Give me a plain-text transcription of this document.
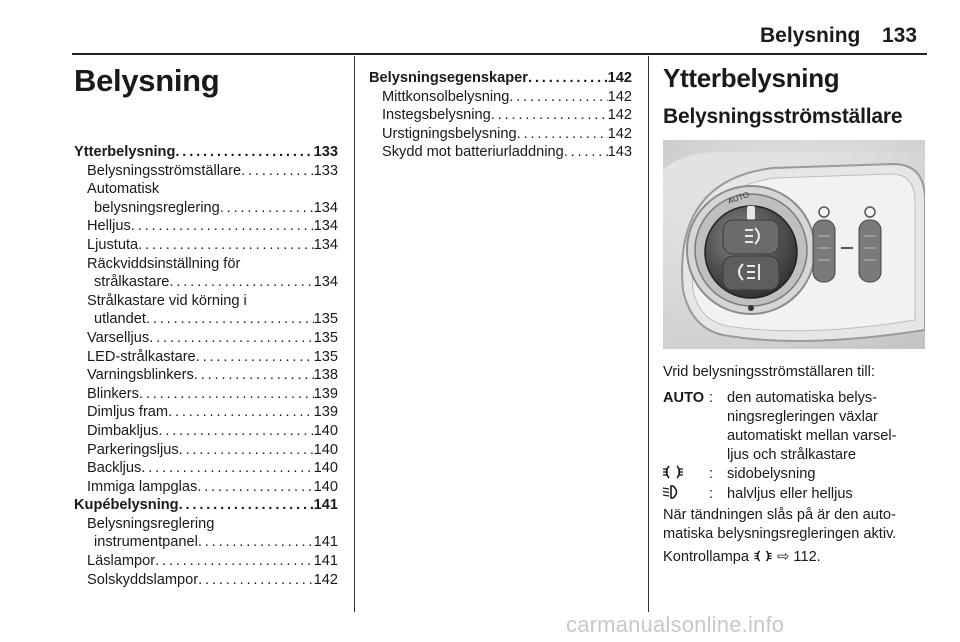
Belysning 133
Belysning
Ytterbelysning . . .	133
Belysningsströmställare . . .	133
Automatisk
belysningsreglering . . .	134
Helljus . . .	134
Ljustuta . . .	134
Räckviddsinställning för
strålkastare . . .	134
Strålkastare vid körning i
utlandet . . .	135
Varselljus . . .	135
LED-strålkastare . . .	135
Varningsblinkers . . .	138
Blinkers . . .	139
Dimljus fram . . .	139
Dimbakljus . . .	140
Parkeringsljus . . .	140
Backljus . . .	140
Immiga lampglas . . .	140
Kupébelysning . . .	141
Belysningsreglering
instrumentpanel . . .	141
Läslampor . . .	141
Solskyddslampor . . .	142
Belysningsegenskaper . . .	142
Mittkonsolbelysning . . .	142
Instegsbelysning . . .	142
Urstigningsbelysning . . .	142
Skydd mot batteriurladdning . . .	143
Ytterbelysning
Belysningsströmställare
AUTO
Vrid belysningsströmställaren till:
AUTO : den automatiska belys-
ningsregleringen växlar
automatiskt mellan varsel-
ljus och strålkastare
: sidobelysning
: halvljus eller helljus
När tändningen slås på är den auto-
matiska belysningsregleringen aktiv.
Kontrollampa ⇨ 112.
carmanualsonline.info
